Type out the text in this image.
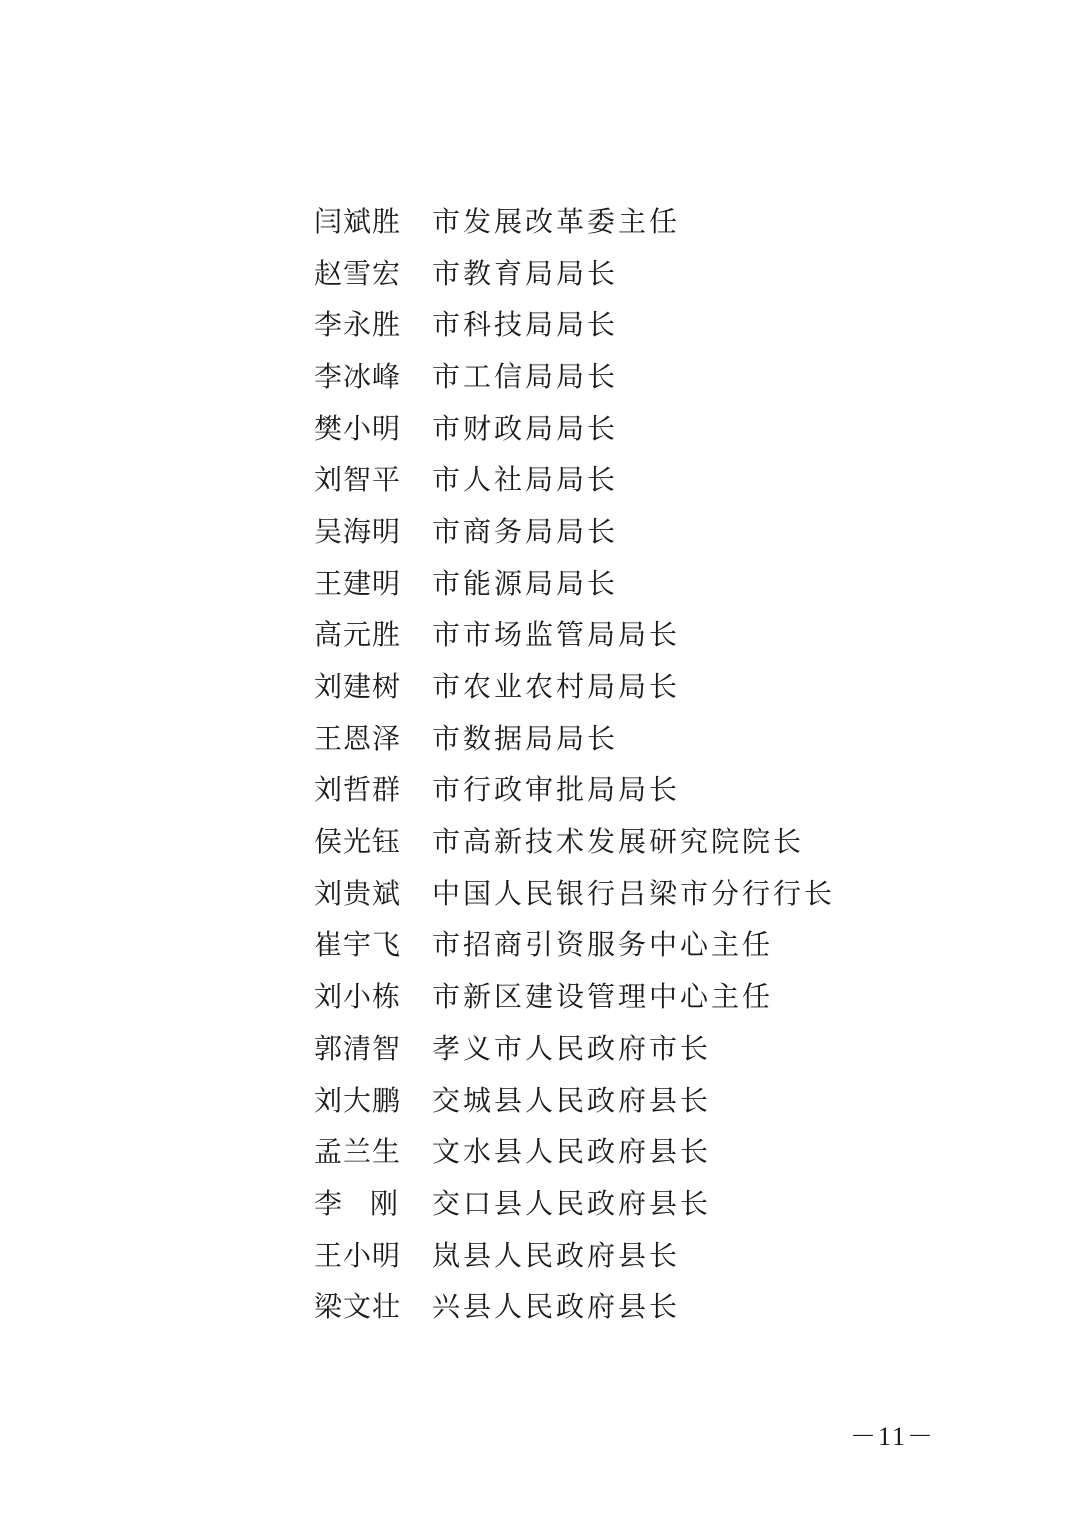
闫斌胜	市发展改革委主任
赵雪宏	市教育局局长
李永胜	市科技局局长
李冰峰	市工信局局长
樊小明	市财政局局长
刘智平	市人社局局长
吴海明	市商务局局长
王建明	市能源局局长
高元胜	市市场监管局局长
刘建树	市农业农村局局长
王恩泽	市数据局局长
刘哲群	市行政审批局局长
侯光钰	市高新技术发展研究院院长
刘贵斌	中国人民银行吕梁市分行行长
崔宇飞	市招商引资服务中心主任
刘小栋	市新区建设管理中心主任
郭清智	孝义市人民政府市长
刘大鹏	交城县人民政府县长
孟兰生	文水县人民政府县长
李　刚	交口县人民政府县长
王小明	岚县人民政府县长
梁文壮	兴县人民政府县长
－11－
